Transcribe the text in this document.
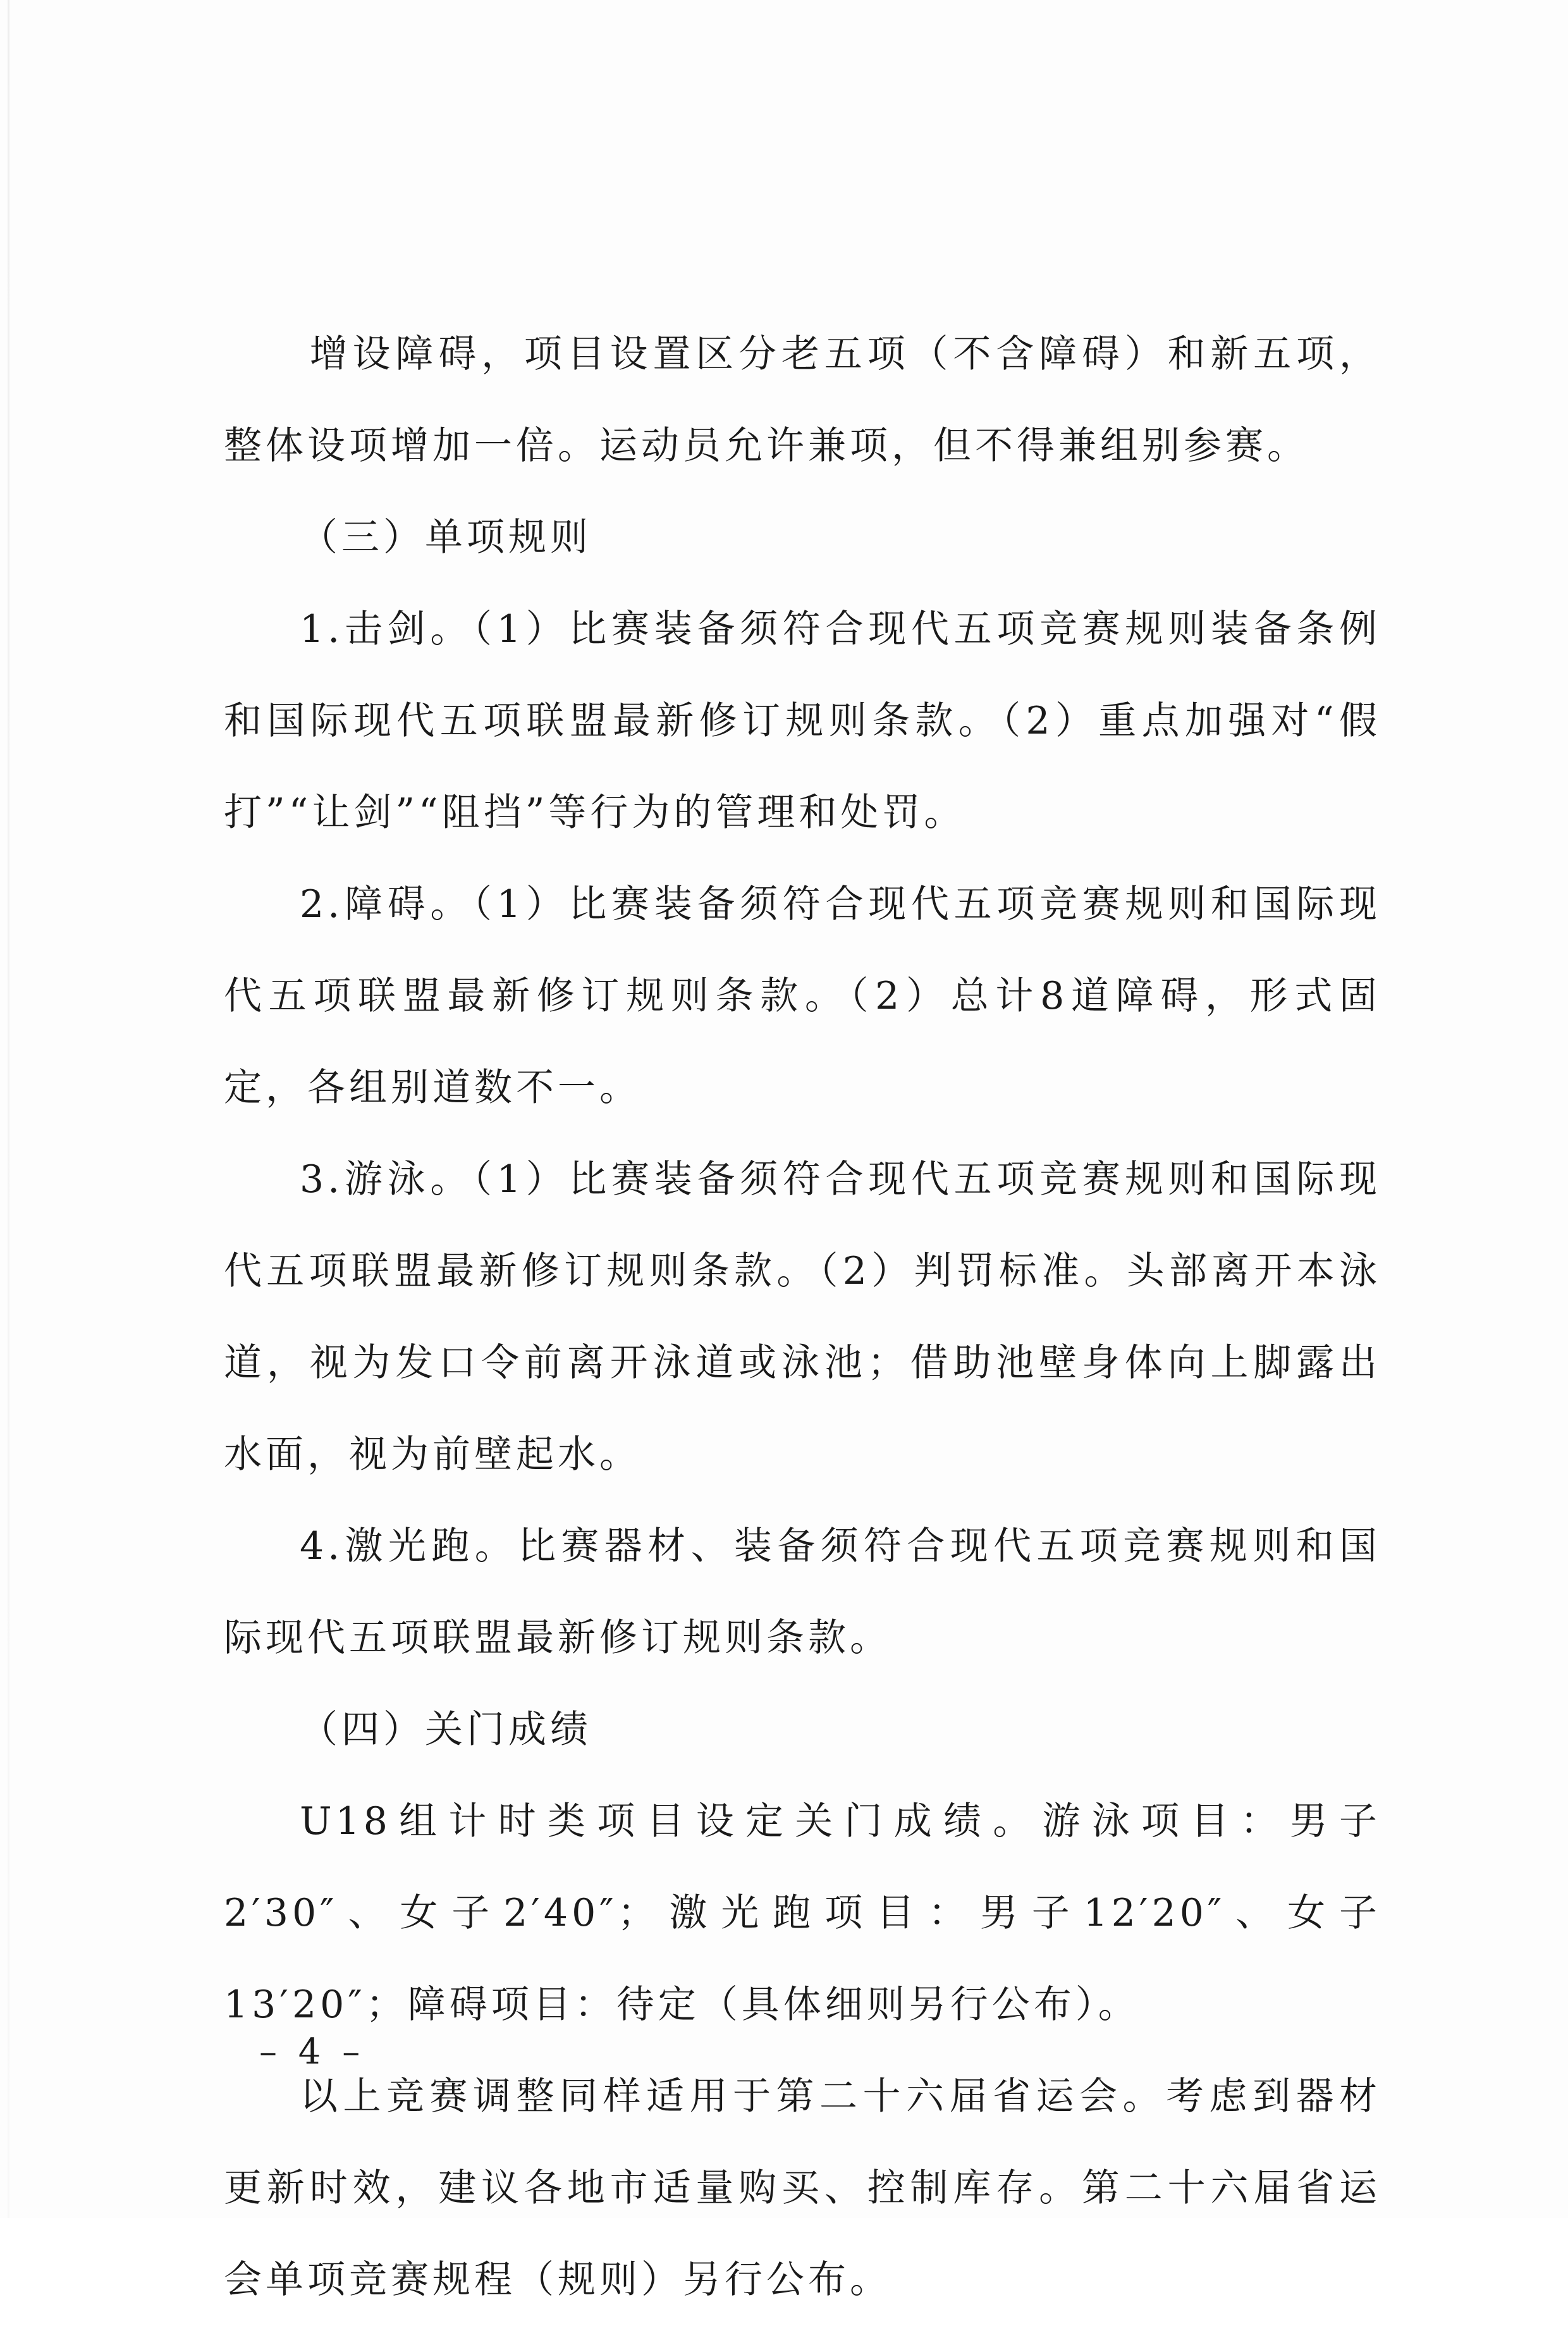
　　增设障碍，项目设置区分老五项（不含障碍）和新五项，整体设项增加一倍。运动员允许兼项，但不得兼组别参赛。

（三）单项规则

1.击剑。（1）比赛装备须符合现代五项竞赛规则装备条例和国际现代五项联盟最新修订规则条款。（2）重点加强对“假打”“让剑”“阻挡”等行为的管理和处罚。

2.障碍。（1）比赛装备须符合现代五项竞赛规则和国际现代五项联盟最新修订规则条款。（2）总计8道障碍，形式固定，各组别道数不一。

3.游泳。（1）比赛装备须符合现代五项竞赛规则和国际现代五项联盟最新修订规则条款。（2）判罚标准。头部离开本泳道，视为发口令前离开泳道或泳池；借助池壁身体向上脚露出水面，视为前壁起水。

4.激光跑。比赛器材、装备须符合现代五项竞赛规则和国际现代五项联盟最新修订规则条款。

（四）关门成绩

U18组计时类项目设定关门成绩。游泳项目：男子2′30″、女子2′40″；激光跑项目：男子12′20″、女子13′20″；障碍项目：待定（具体细则另行公布）。

以上竞赛调整同样适用于第二十六届省运会。考虑到器材更新时效，建议各地市适量购买、控制库存。第二十六届省运会单项竞赛规程（规则）另行公布。

– 4 –
